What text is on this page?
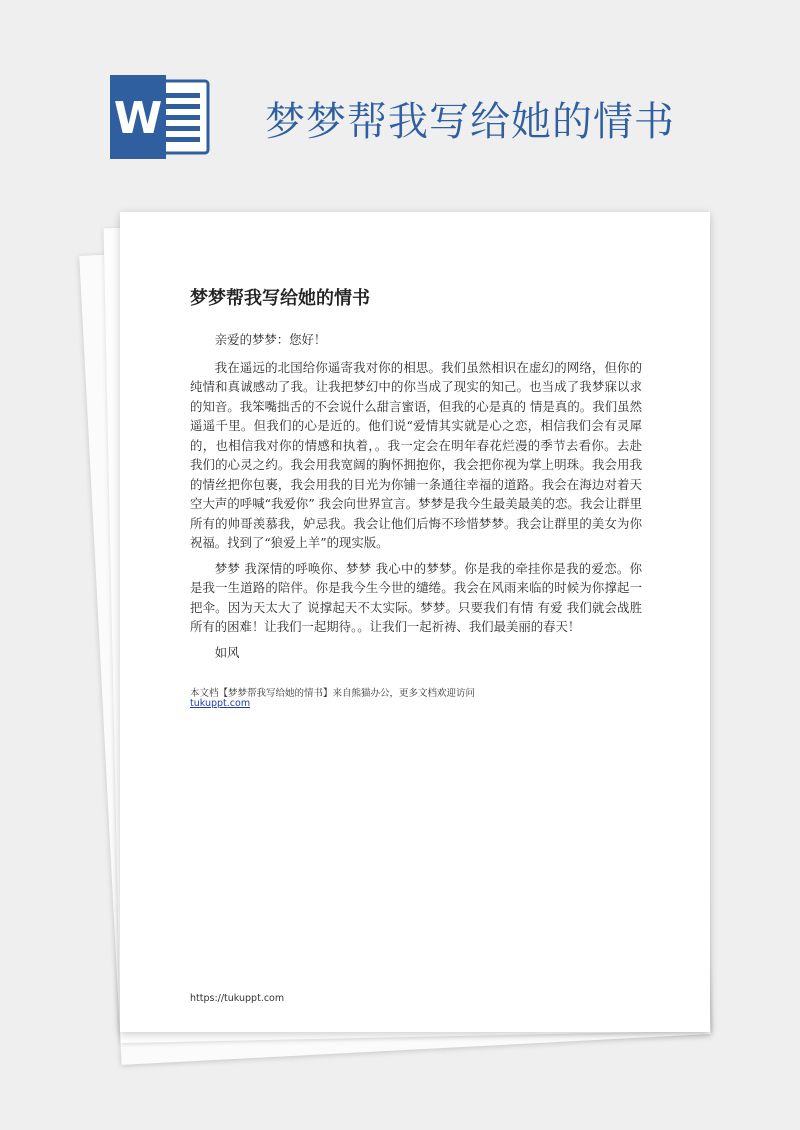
W	梦梦帮我写给她的情书
梦梦帮我写给她的情书

亲爱的梦梦：您好！

我在遥远的北国给你遥寄我对你的相思。我们虽然相识在虚幻的网络，但你的纯情和真诚感动了我。让我把梦幻中的你当成了现实的知己。也当成了我梦寐以求的知音。我笨嘴拙舌的不会说什么甜言蜜语，但我的心是真的 情是真的。我们虽然遥遥千里。但我们的心是近的。他们说“爱情其实就是心之恋，相信我们会有灵犀的，也相信我对你的情感和执着，。我一定会在明年春花烂漫的季节去看你。去赴我们的心灵之约。我会用我宽阔的胸怀拥抱你，我会把你视为掌上明珠。我会用我的情丝把你包裹，我会用我的目光为你铺一条通往幸福的道路。我会在海边对着天空大声的呼喊“我爱你” 我会向世界宣言。梦梦是我今生最美最美的恋。我会让群里所有的帅哥羡慕我，妒忌我。我会让他们后悔不珍惜梦梦。我会让群里的美女为你祝福。找到了“狼爱上羊”的现实版。

梦梦 我深情的呼唤你、梦梦 我心中的梦梦。你是我的牵挂你是我的爱恋。你是我一生道路的陪伴。你是我今生今世的缱绻。我会在风雨来临的时候为你撑起一把伞。因为天太大了 说撑起天不太实际。梦梦。只要我们有情 有爱 我们就会战胜所有的困难！让我们一起期待。。让我们一起祈祷、我们最美丽的春天！

如风

本文档【梦梦帮我写给她的情书】来自熊猫办公，更多文档欢迎访问
tukuppt.com
https://tukuppt.com
